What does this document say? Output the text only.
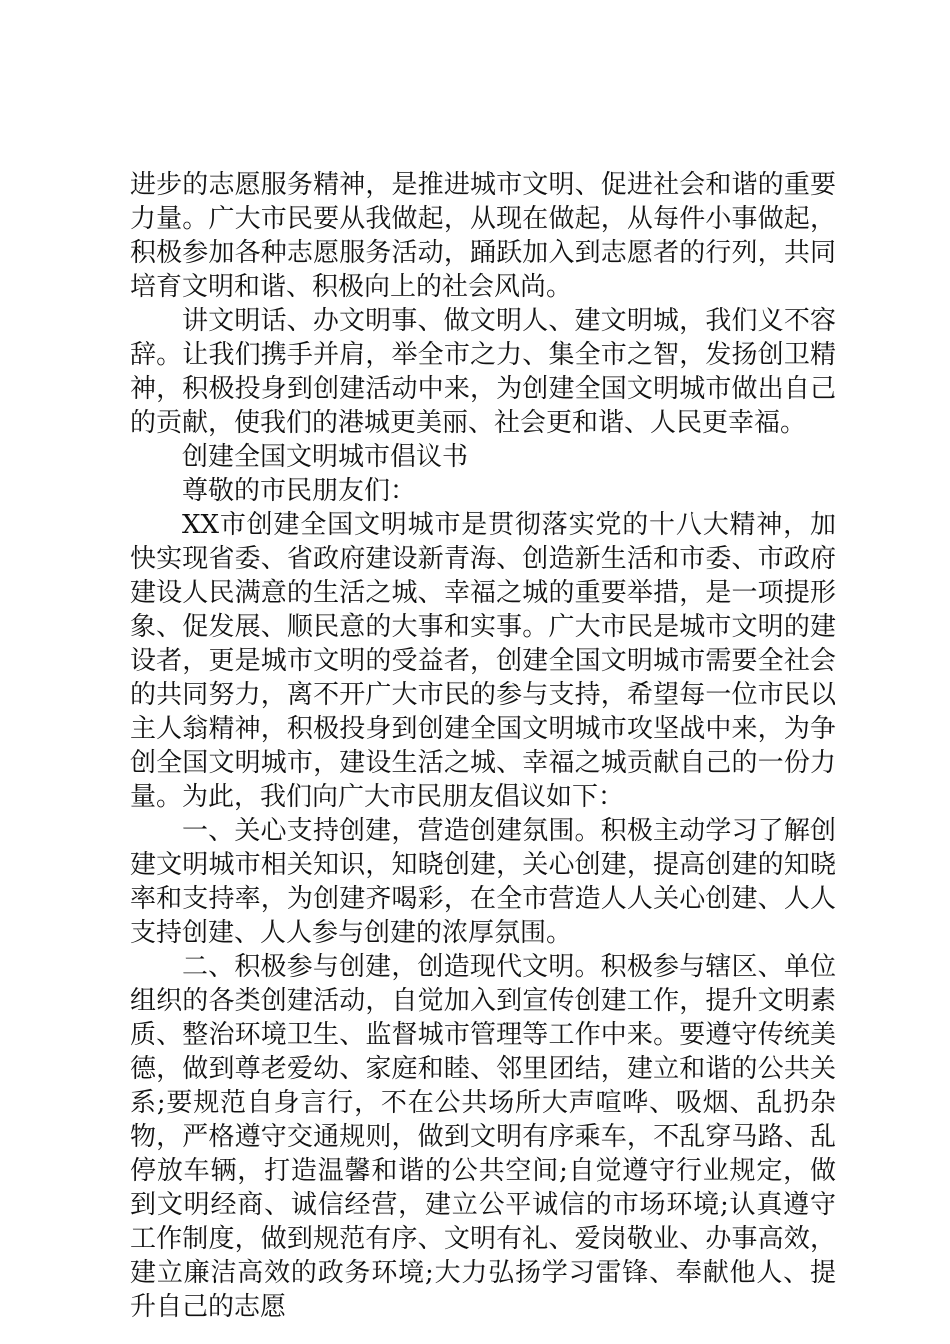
进步的志愿服务精神，是推进城市文明、促进社会和谐的重要力量。广大市民要从我做起，从现在做起，从每件小事做起，积极参加各种志愿服务活动，踊跃加入到志愿者的行列，共同培育文明和谐、积极向上的社会风尚。

讲文明话、办文明事、做文明人、建文明城，我们义不容辞。让我们携手并肩，举全市之力、集全市之智，发扬创卫精神，积极投身到创建活动中来，为创建全国文明城市做出自己的贡献，使我们的港城更美丽、社会更和谐、人民更幸福。

创建全国文明城市倡议书

尊敬的市民朋友们：

XX市创建全国文明城市是贯彻落实党的十八大精神，加快实现省委、省政府建设新青海、创造新生活和市委、市政府建设人民满意的生活之城、幸福之城的重要举措，是一项提形象、促发展、顺民意的大事和实事。广大市民是城市文明的建设者，更是城市文明的受益者，创建全国文明城市需要全社会的共同努力，离不开广大市民的参与支持，希望每一位市民以主人翁精神，积极投身到创建全国文明城市攻坚战中来，为争创全国文明城市，建设生活之城、幸福之城贡献自己的一份力量。为此，我们向广大市民朋友倡议如下：

一、关心支持创建，营造创建氛围。积极主动学习了解创建文明城市相关知识，知晓创建，关心创建，提高创建的知晓率和支持率，为创建齐喝彩，在全市营造人人关心创建、人人支持创建、人人参与创建的浓厚氛围。

二、积极参与创建，创造现代文明。积极参与辖区、单位组织的各类创建活动，自觉加入到宣传创建工作，提升文明素质、整治环境卫生、监督城市管理等工作中来。要遵守传统美德，做到尊老爱幼、家庭和睦、邻里团结，建立和谐的公共关系;要规范自身言行，不在公共场所大声喧哗、吸烟、乱扔杂物，严格遵守交通规则，做到文明有序乘车，不乱穿马路、乱停放车辆，打造温馨和谐的公共空间;自觉遵守行业规定，做到文明经商、诚信经营，建立公平诚信的市场环境;认真遵守工作制度，做到规范有序、文明有礼、爱岗敬业、办事高效，建立廉洁高效的政务环境;大力弘扬学习雷锋、奉献他人、提升自己的志愿
